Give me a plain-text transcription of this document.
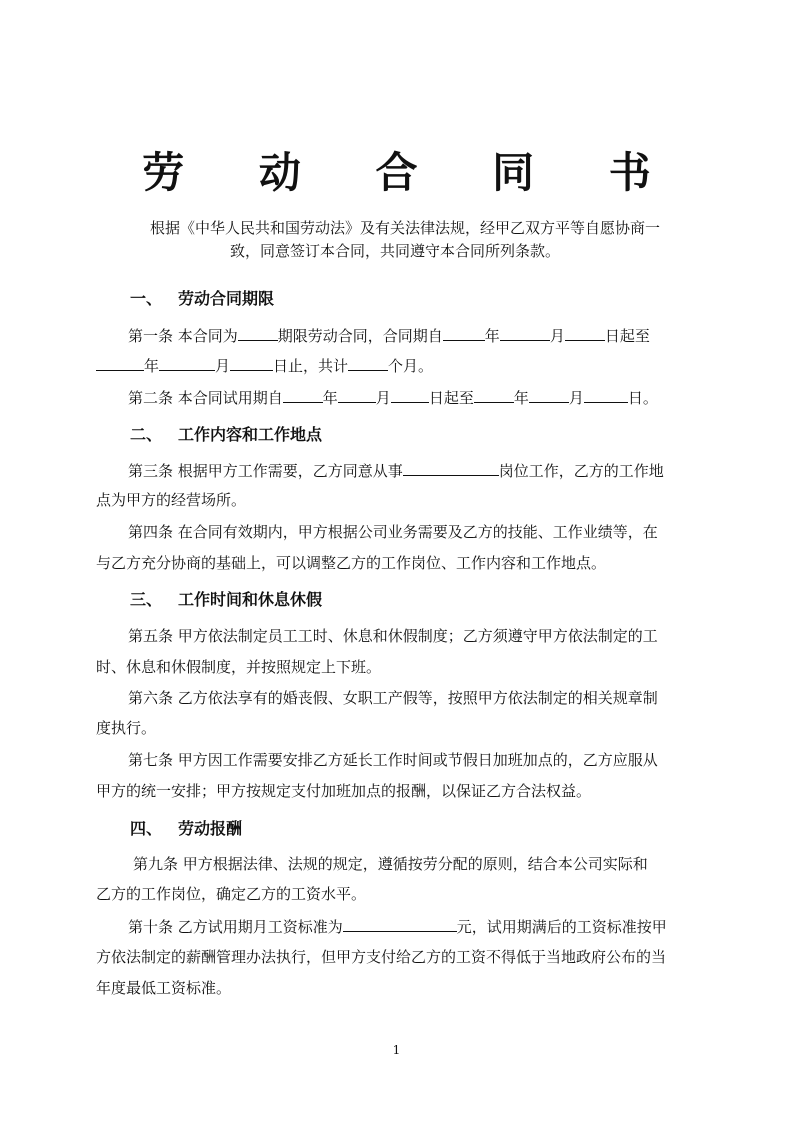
劳 动 合 同 书
根据《中华人民共和国劳动法》及有关法律法规，经甲乙双方平等自愿协商一
致，同意签订本合同，共同遵守本合同所列条款。
一、 劳动合同期限
第一条 本合同为	期限劳动合同，合同期自	年	月	日起至
年	月	日止，共计	个月。
第二条 本合同试用期自	年	月	日起至	年	月	日。
二、 工作内容和工作地点
第三条 根据甲方工作需要，乙方同意从事	岗位工作，乙方的工作地
点为甲方的经营场所。
第四条 在合同有效期内，甲方根据公司业务需要及乙方的技能、工作业绩等，在
与乙方充分协商的基础上，可以调整乙方的工作岗位、工作内容和工作地点。
三、 工作时间和休息休假
第五条 甲方依法制定员工工时、休息和休假制度；乙方须遵守甲方依法制定的工
时、休息和休假制度，并按照规定上下班。
第六条 乙方依法享有的婚丧假、女职工产假等，按照甲方依法制定的相关规章制
度执行。
第七条 甲方因工作需要安排乙方延长工作时间或节假日加班加点的，乙方应服从
甲方的统一安排；甲方按规定支付加班加点的报酬，以保证乙方合法权益。
四、 劳动报酬
第九条 甲方根据法律、法规的规定，遵循按劳分配的原则，结合本公司实际和
乙方的工作岗位，确定乙方的工资水平。
第十条 乙方试用期月工资标准为	元，试用期满后的工资标准按甲
方依法制定的薪酬管理办法执行，但甲方支付给乙方的工资不得低于当地政府公布的当
年度最低工资标准。
1
